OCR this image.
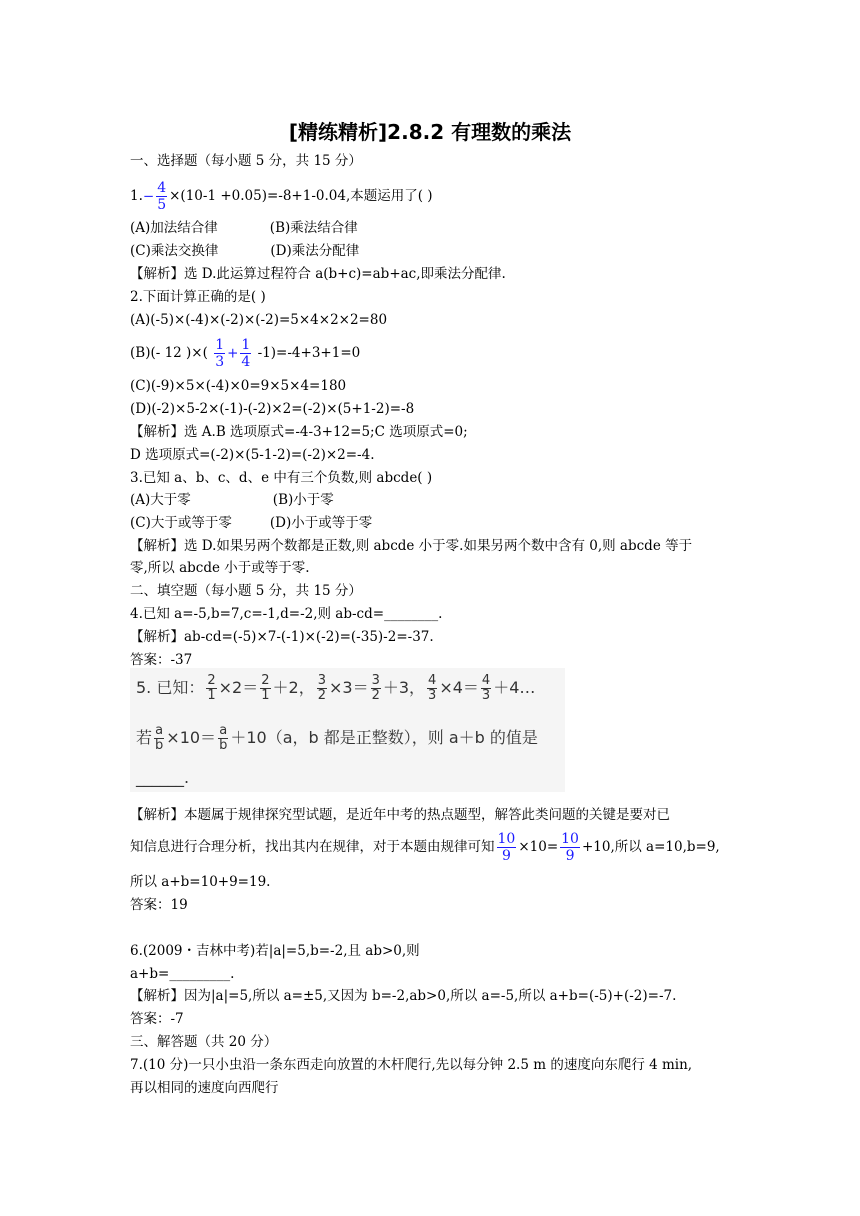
[精练精析]2.8.2 有理数的乘法
一、选择题（每小题 5 分，共 15 分）
$1.- \frac{4}{5} \times(10-1 +0.05)=-8+1-0.04$,本题运用了( )
(A)加法结合律	(B)乘法结合律
(C)乘法交换律	(D)乘法分配律
【解析】选 D.此运算过程符合 a(b+c)=ab+ac,即乘法分配律.
2.下面计算正确的是( )
(A)(-5)×(-4)×(-2)×(-2)=5×4×2×2=80
(B)(- 12 )×( $\frac{1}{3} + \frac{1}{4} -1)=-4+3+1=0$
(C)(-9)×5×(-4)×0=9×5×4=180
(D)(-2)×5-2×(-1)-(-2)×2=(-2)×(5+1-2)=-8
【解析】选 A.B 选项原式=-4-3+12=5;C 选项原式=0;
D 选项原式=(-2)×(5-1-2)=(-2)×2=-4.
3.已知 a、b、c、d、e 中有三个负数,则 abcde( )
(A)大于零	(B)小于零
(C)大于或等于零	(D)小于或等于零
【解析】选 D.如果另两个数都是正数,则 abcde 小于零.如果另两个数中含有 0,则 abcde 等于
零,所以 abcde 小于或等于零.
二、填空题（每小题 5 分，共 15 分）
4.已知 a=-5,b=7,c=-1,d=-2,则 ab-cd=________.
【解析】ab-cd=(-5)×7-(-1)×(-2)=(-35)-2=-37.
答案：-37
5. 已知： $\frac{2}{1} \times 2= \frac{2}{1} +2$， $\frac{3}{2} \times 3= \frac{3}{2} +3$， $\frac{4}{3} \times 4= \frac{4}{3}$ ＋4…
若 $\frac{a}{b} \times 10= \frac{a}{b} +10(a$，b 都是正整数），则 a＋b 的值是
______.
【解析】本题属于规律探究型试题，是近年中考的热点题型，解答此类问题的关键是要对已
知信息进行合理分析，找出其内在规律，对于本题由规律可知 $\frac{10}{9} \times 10= \frac{10}{9} +10$,所以 a=10,b=9,
所以 a+b=10+9=19.
答案：19
6.(2009・吉林中考)若|a|=5,b=-2,且 ab>0,则
a+b=_________.
【解析】因为|a|=5,所以 a=±5,又因为 b=-2,ab>0,所以 a=-5,所以 a+b=(-5)+(-2)=-7.
答案：-7
三、解答题（共 20 分）
7.(10 分)一只小虫沿一条东西走向放置的木杆爬行,先以每分钟 2.5 m 的速度向东爬行 4 min,
再以相同的速度向西爬行
